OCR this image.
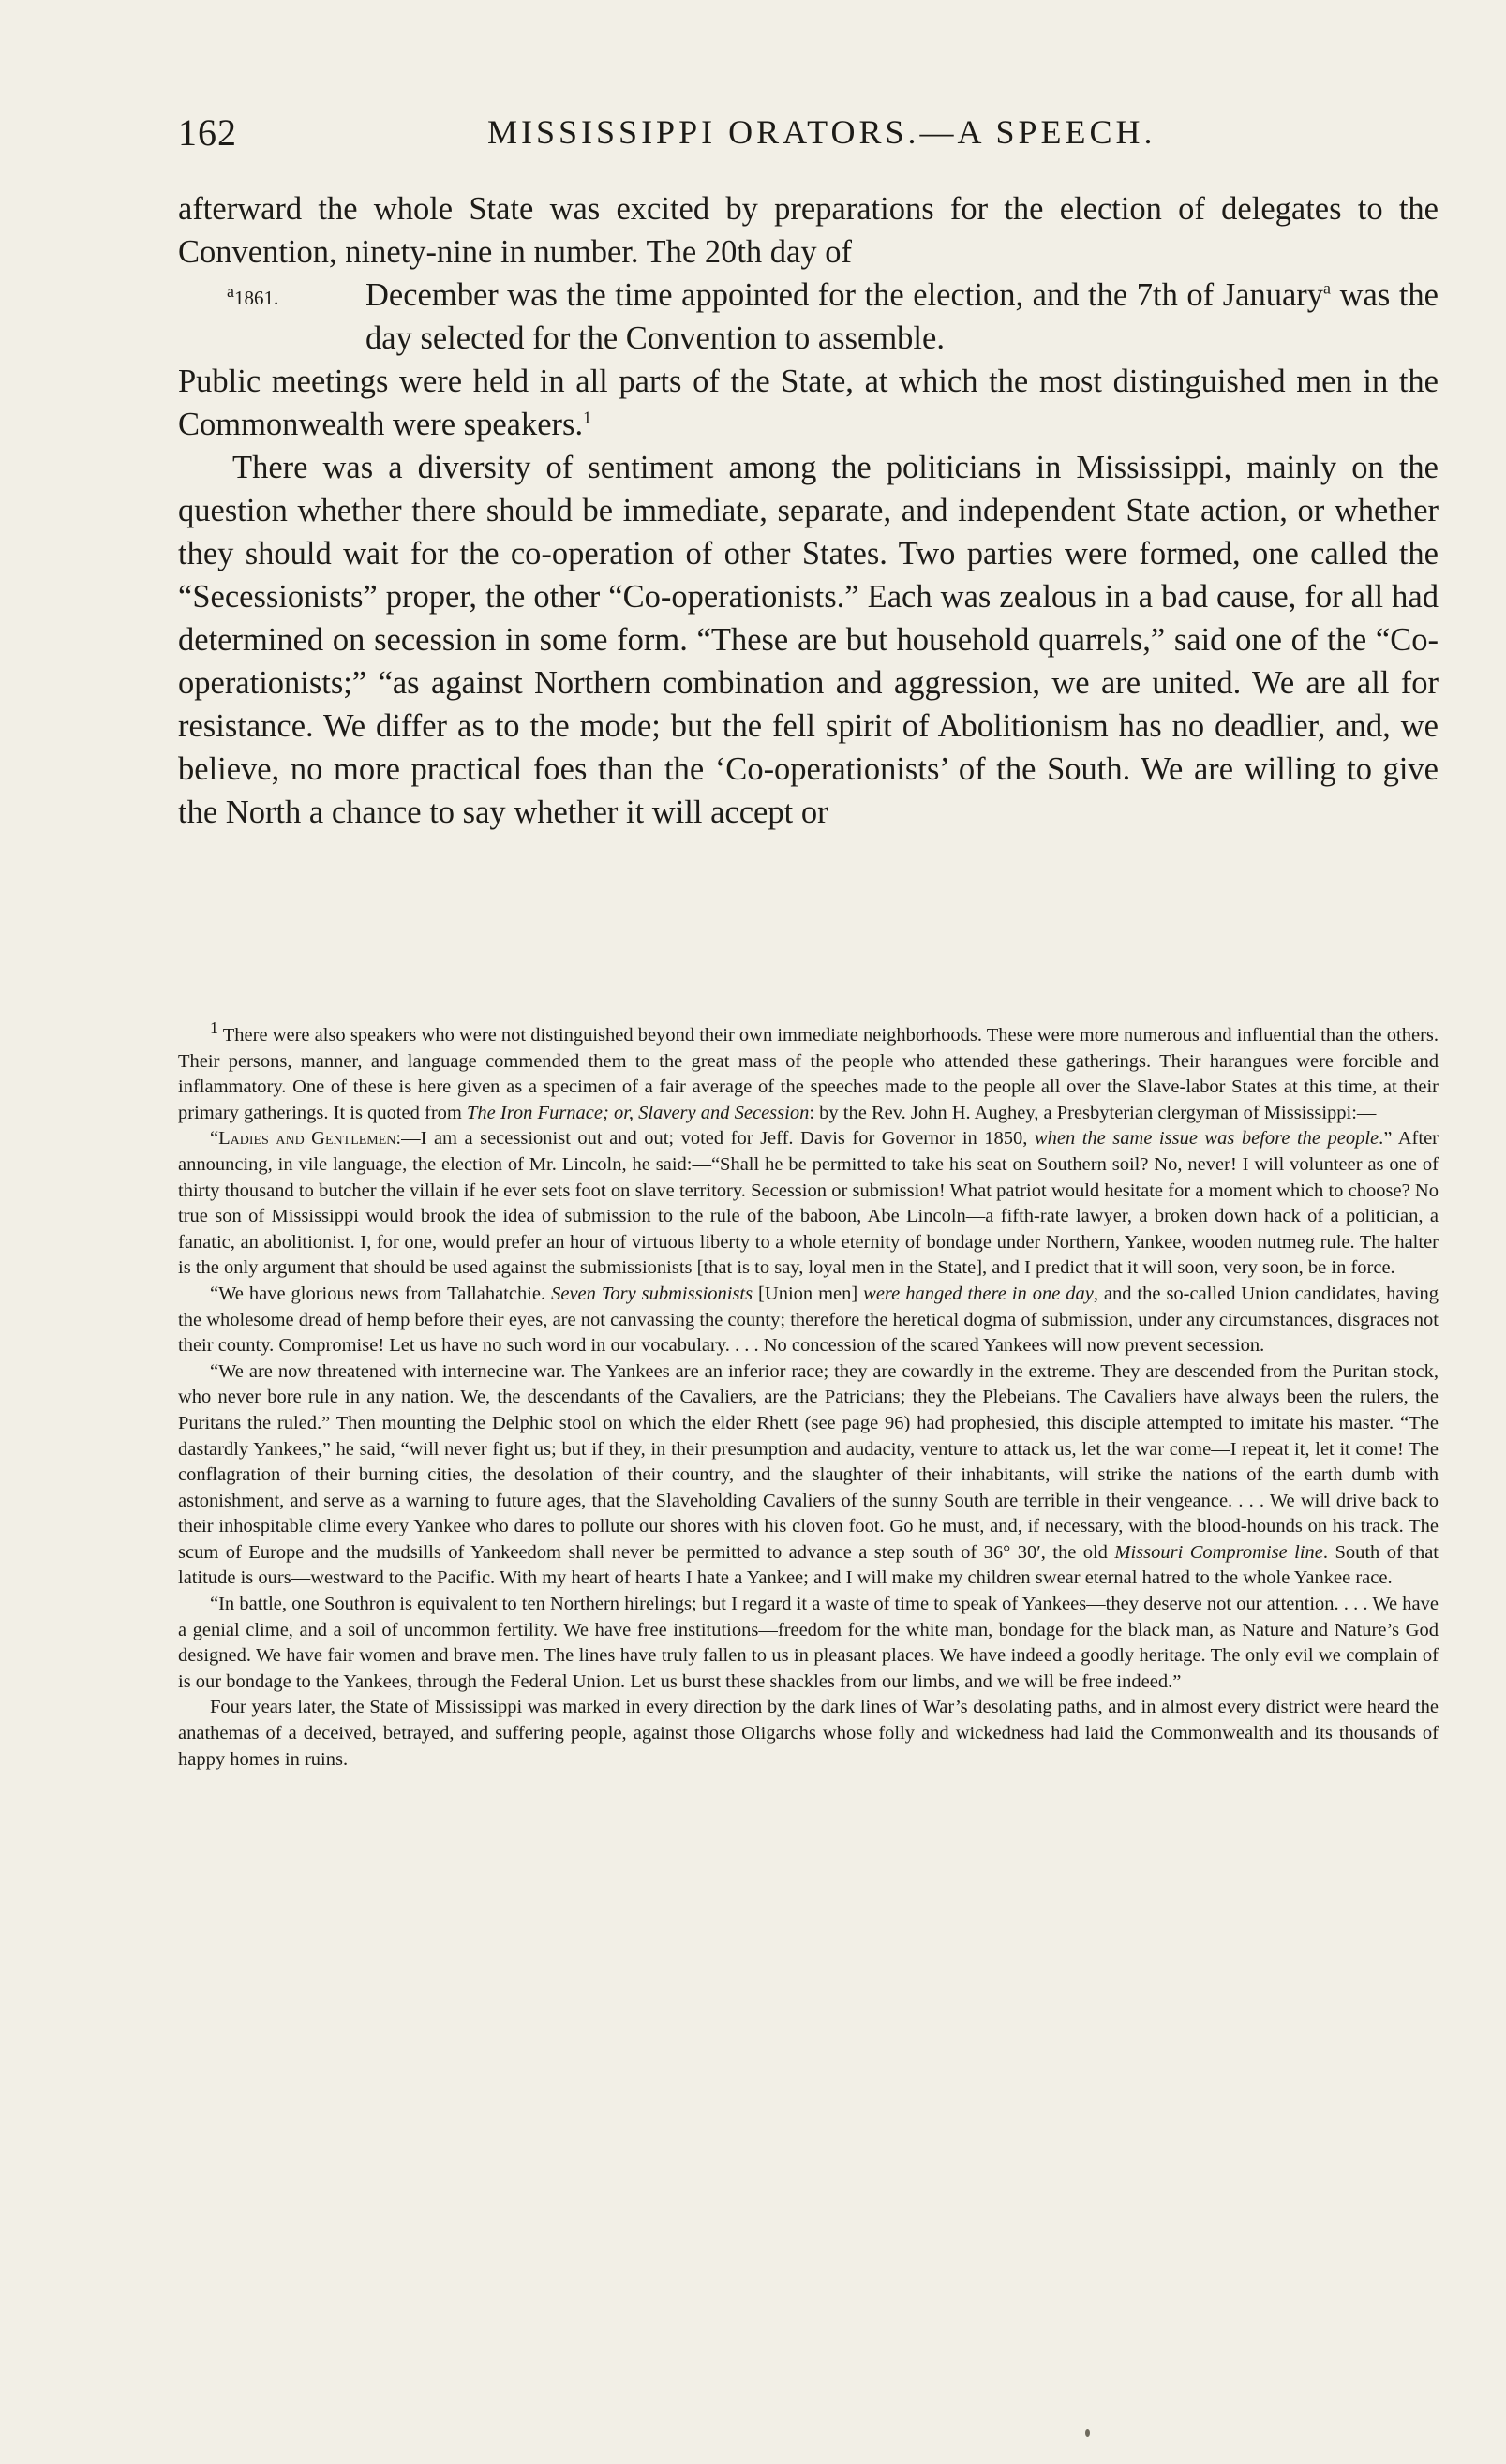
162	MISSISSIPPI ORATORS.—A SPEECH.

afterward the whole State was excited by preparations for the election of delegates to the Convention, ninety-nine in number. The 20th day of

a1861.	December was the time appointed for the election, and the 7th of January$^a$ was the day selected for the Convention to assemble.

Public meetings were held in all parts of the State, at which the most distinguished men in the Commonwealth were speakers.$^1$

There was a diversity of sentiment among the politicians in Mississippi, mainly on the question whether there should be immediate, separate, and independent State action, or whether they should wait for the co-operation of other States. Two parties were formed, one called the “Secessionists” proper, the other “Co-operationists.” Each was zealous in a bad cause, for all had determined on secession in some form. “These are but household quarrels,” said one of the “Co-operationists;” “as against Northern combination and aggression, we are united. We are all for resistance. We differ as to the mode; but the fell spirit of Abolitionism has no deadlier, and, we believe, no more practical foes than the ‘Co-operationists’ of the South. We are willing to give the North a chance to say whether it will accept or

1 There were also speakers who were not distinguished beyond their own immediate neighborhoods. These were more numerous and influential than the others. Their persons, manner, and language commended them to the great mass of the people who attended these gatherings. Their harangues were forcible and inflammatory. One of these is here given as a specimen of a fair average of the speeches made to the people all over the Slave-labor States at this time, at their primary gatherings. It is quoted from The Iron Furnace; or, Slavery and Secession: by the Rev. John H. Aughey, a Presbyterian clergyman of Mississippi:—

“Ladies and Gentlemen:—I am a secessionist out and out; voted for Jeff. Davis for Governor in 1850, when the same issue was before the people.” After announcing, in vile language, the election of Mr. Lincoln, he said:—“Shall he be permitted to take his seat on Southern soil? No, never! I will volunteer as one of thirty thousand to butcher the villain if he ever sets foot on slave territory. Secession or submission! What patriot would hesitate for a moment which to choose? No true son of Mississippi would brook the idea of submission to the rule of the baboon, Abe Lincoln—a fifth-rate lawyer, a broken down hack of a politician, a fanatic, an abolitionist. I, for one, would prefer an hour of virtuous liberty to a whole eternity of bondage under Northern, Yankee, wooden nutmeg rule. The halter is the only argument that should be used against the submissionists [that is to say, loyal men in the State], and I predict that it will soon, very soon, be in force.

“We have glorious news from Tallahatchie. Seven Tory submissionists [Union men] were hanged there in one day, and the so-called Union candidates, having the wholesome dread of hemp before their eyes, are not canvassing the county; therefore the heretical dogma of submission, under any circumstances, disgraces not their county. Compromise! Let us have no such word in our vocabulary. . . . No concession of the scared Yankees will now prevent secession.

“We are now threatened with internecine war. The Yankees are an inferior race; they are cowardly in the extreme. They are descended from the Puritan stock, who never bore rule in any nation. We, the descendants of the Cavaliers, are the Patricians; they the Plebeians. The Cavaliers have always been the rulers, the Puritans the ruled.” Then mounting the Delphic stool on which the elder Rhett (see page 96) had prophesied, this disciple attempted to imitate his master. “The dastardly Yankees,” he said, “will never fight us; but if they, in their presumption and audacity, venture to attack us, let the war come—I repeat it, let it come! The conflagration of their burning cities, the desolation of their country, and the slaughter of their inhabitants, will strike the nations of the earth dumb with astonishment, and serve as a warning to future ages, that the Slaveholding Cavaliers of the sunny South are terrible in their vengeance. . . . We will drive back to their inhospitable clime every Yankee who dares to pollute our shores with his cloven foot. Go he must, and, if necessary, with the blood-hounds on his track. The scum of Europe and the mudsills of Yankeedom shall never be permitted to advance a step south of 36° 30′, the old Missouri Compromise line. South of that latitude is ours—westward to the Pacific. With my heart of hearts I hate a Yankee; and I will make my children swear eternal hatred to the whole Yankee race.

“In battle, one Southron is equivalent to ten Northern hirelings; but I regard it a waste of time to speak of Yankees—they deserve not our attention. . . . We have a genial clime, and a soil of uncommon fertility. We have free institutions—freedom for the white man, bondage for the black man, as Nature and Nature’s God designed. We have fair women and brave men. The lines have truly fallen to us in pleasant places. We have indeed a goodly heritage. The only evil we complain of is our bondage to the Yankees, through the Federal Union. Let us burst these shackles from our limbs, and we will be free indeed.”

Four years later, the State of Mississippi was marked in every direction by the dark lines of War’s desolating paths, and in almost every district were heard the anathemas of a deceived, betrayed, and suffering people, against those Oligarchs whose folly and wickedness had laid the Commonwealth and its thousands of happy homes in ruins.
